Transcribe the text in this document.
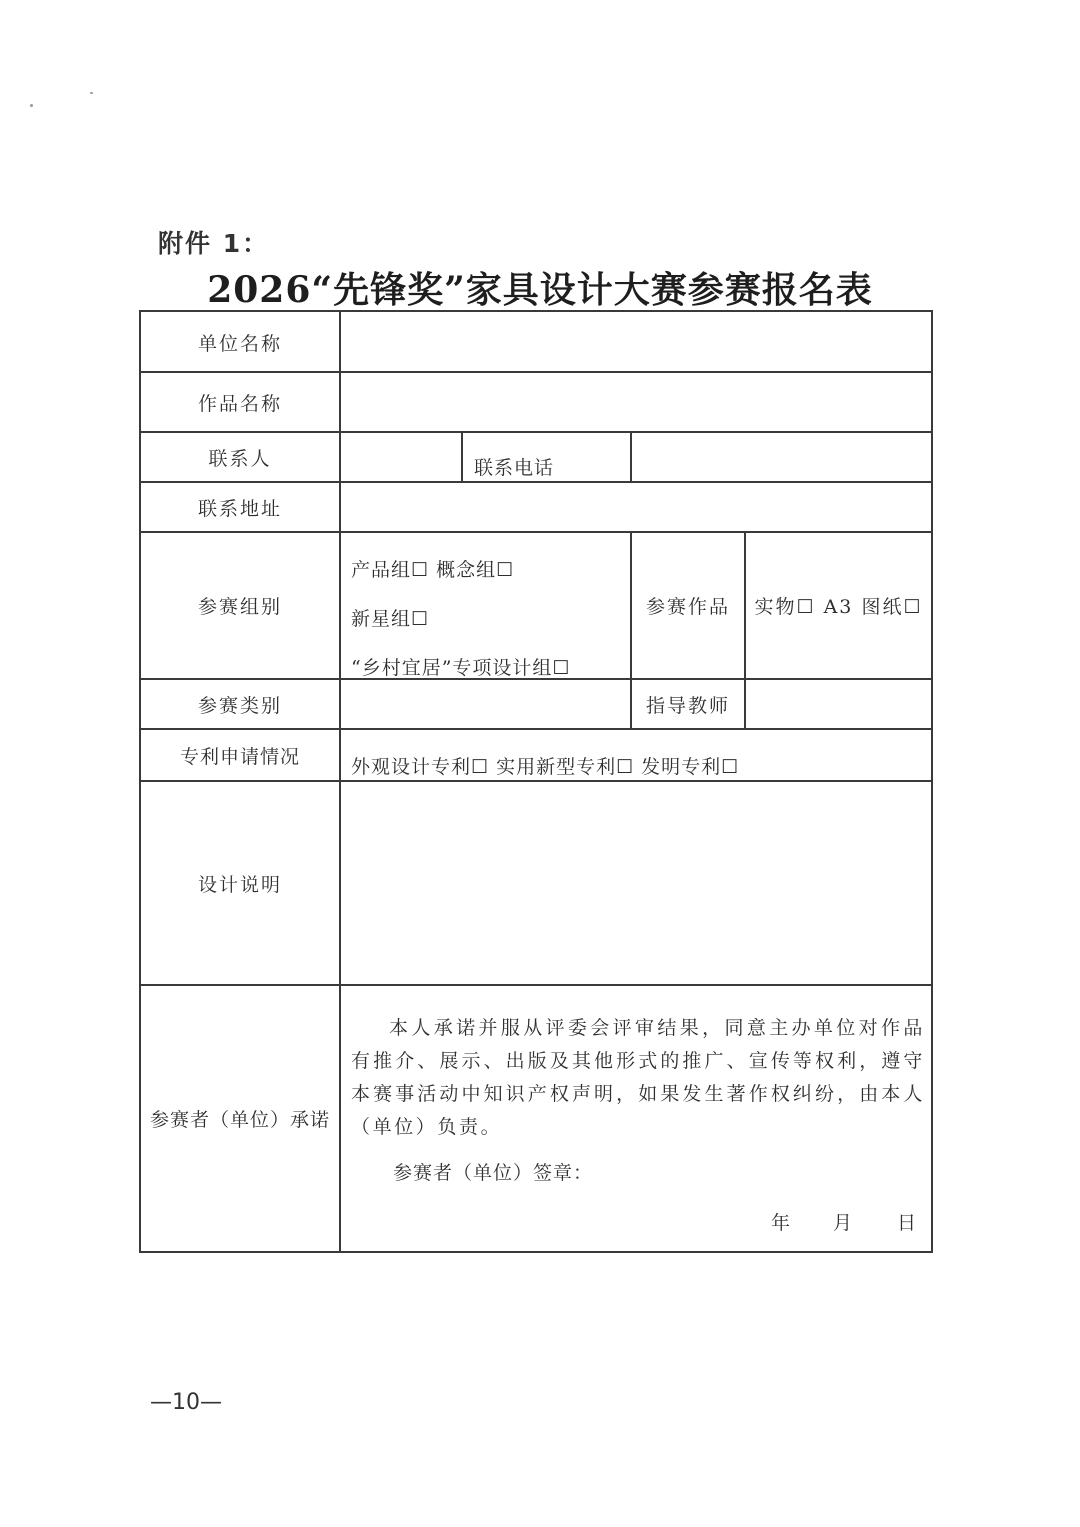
附件 1：
2026“先锋奖”家具设计大赛参赛报名表
单位名称
作品名称
联系人	联系电话
联系地址
参赛组别
产品组☐ 概念组☐
新星组☐
“乡村宜居”专项设计组☐
参赛作品	实物☐ A3 图纸☐
参赛类别	指导教师
专利申请情况	外观设计专利☐ 实用新型专利☐ 发明专利☐
设计说明
参赛者（单位）承诺
本人承诺并服从评委会评审结果，同意主办单位对作品有推介、展示、出版及其他形式的推广、宣传等权利，遵守本赛事活动中知识产权声明，如果发生著作权纠纷，由本人（单位）负责。
参赛者（单位）签章：
年 月 日
—10—
